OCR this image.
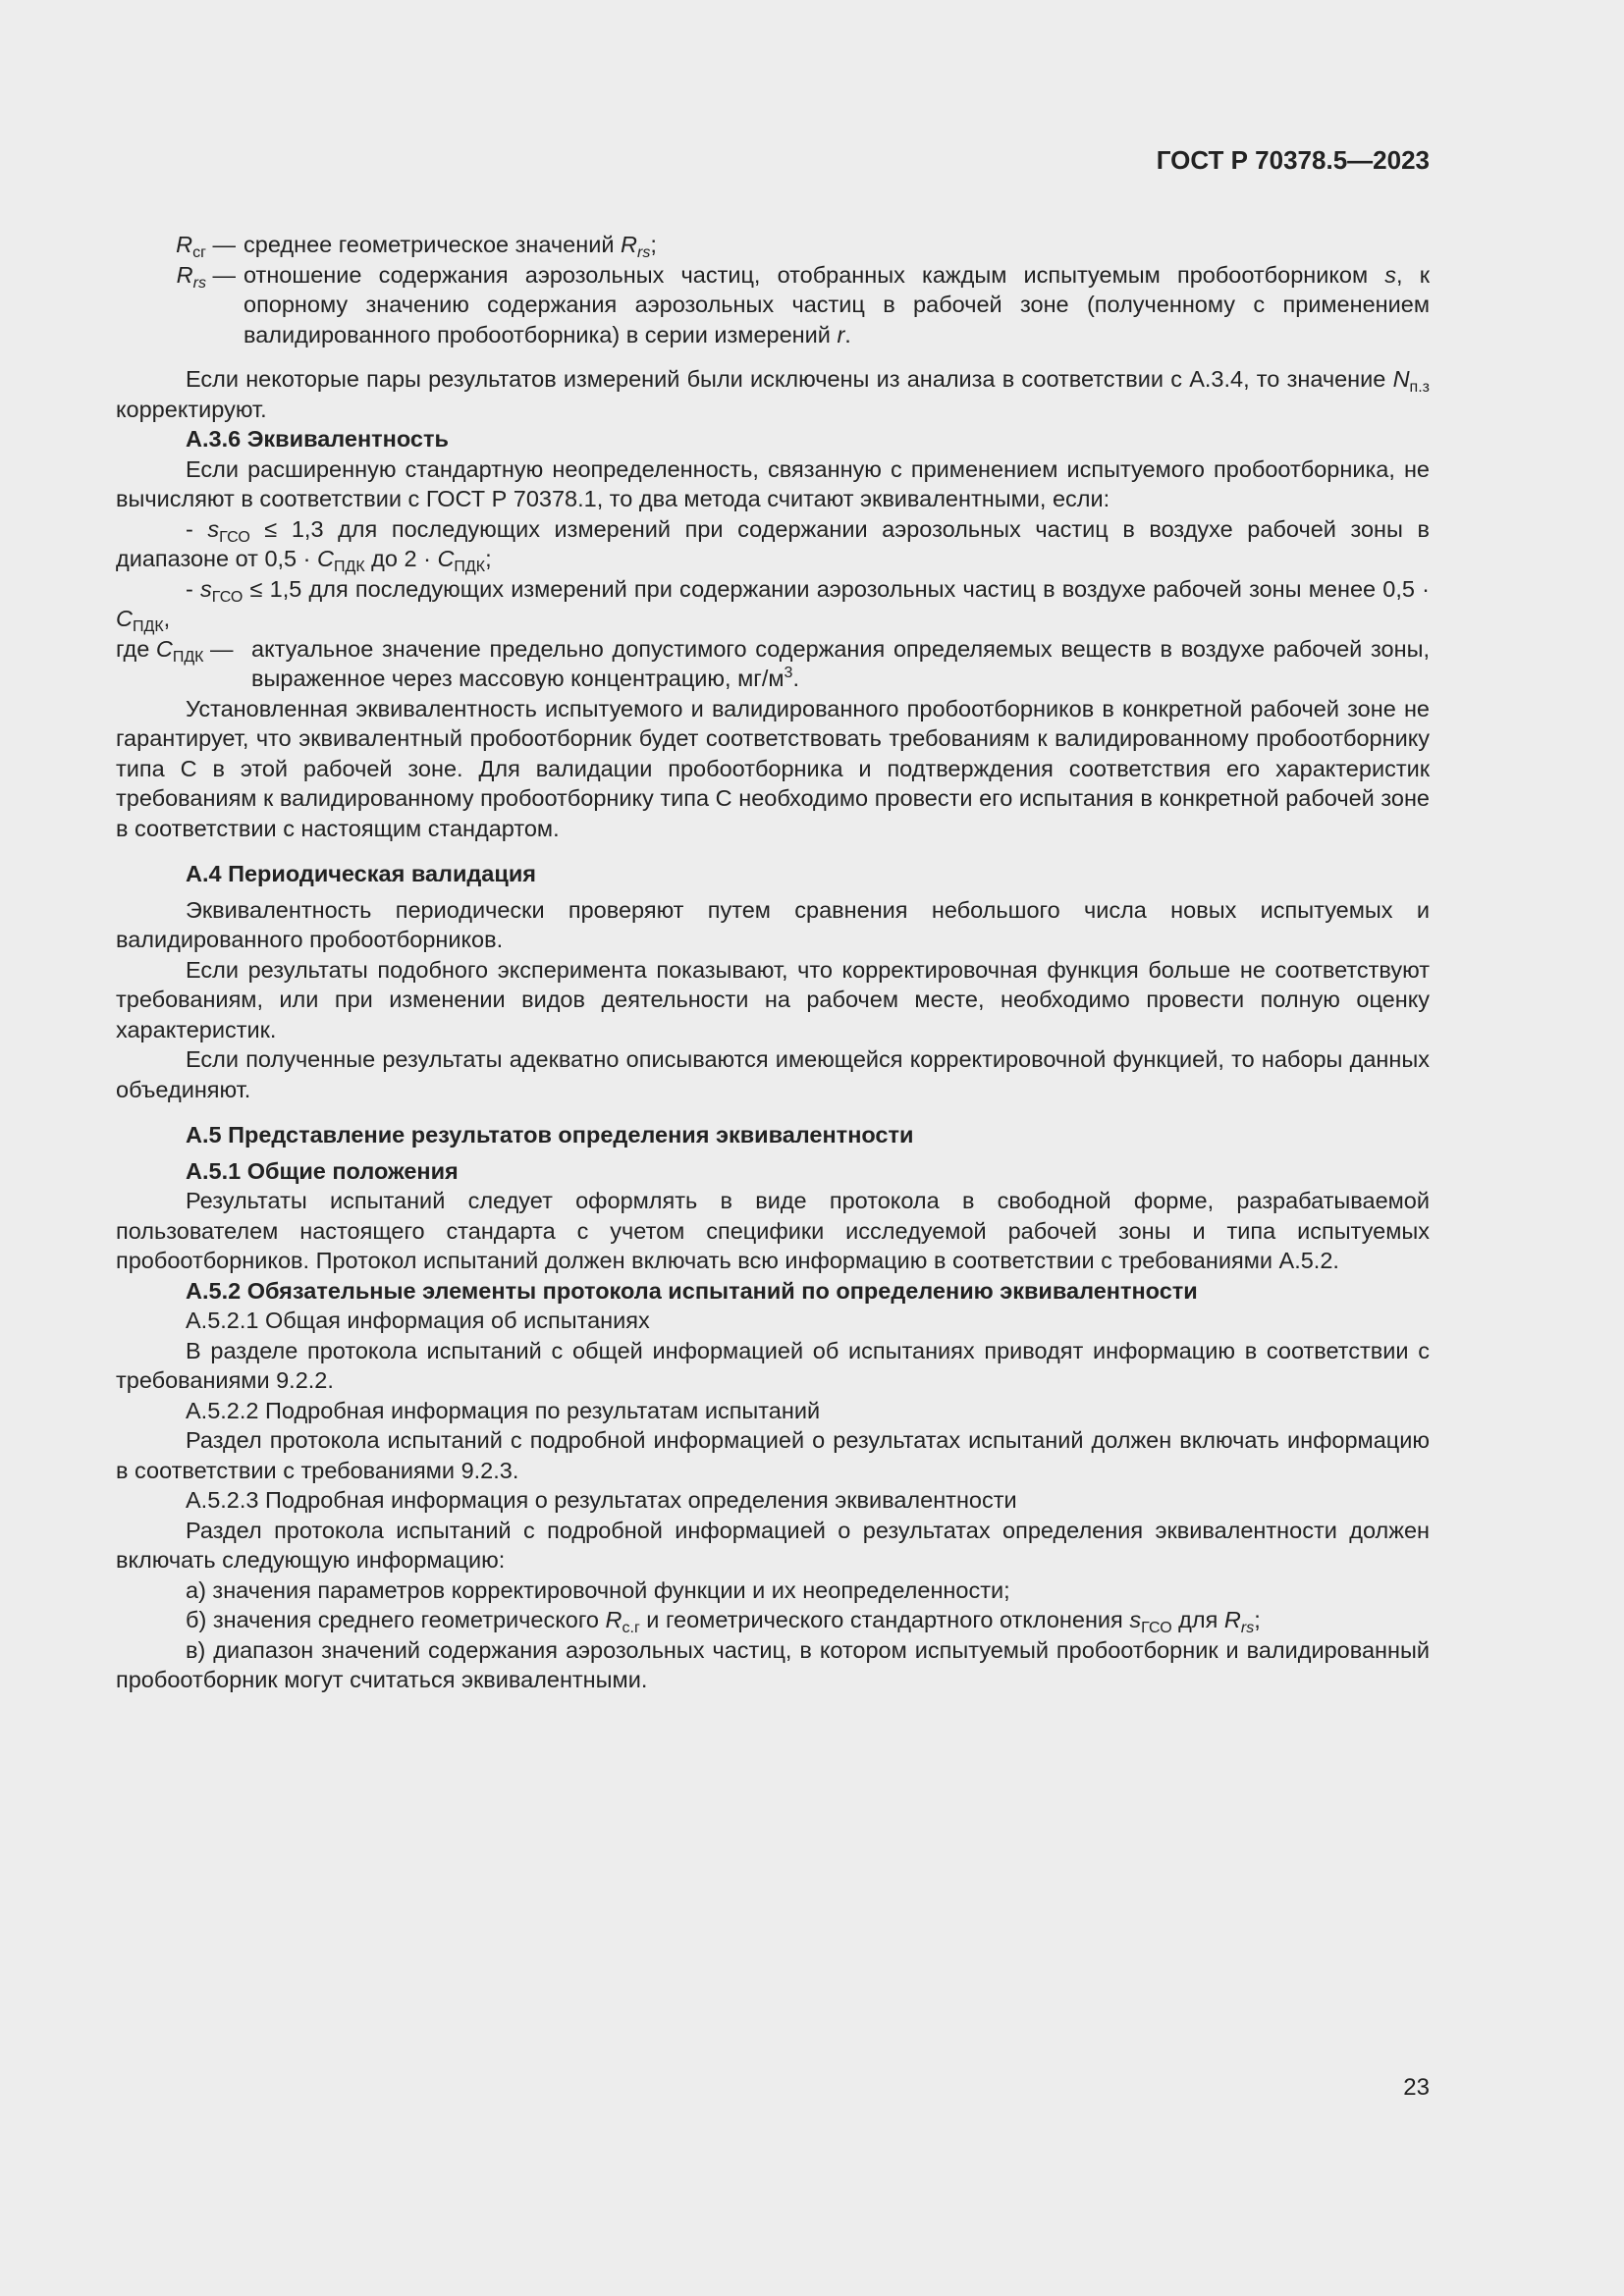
ГОСТ Р 70378.5—2023
$R_{сг}$ — среднее геометрическое значений $R_{rs}$;
$R_{rs}$ — отношение содержания аэрозольных частиц, отобранных каждым испытуемым пробоотборником s, к опорному значению содержания аэрозольных частиц в рабочей зоне (полученному с применением валидированного пробоотборника) в серии измерений r.

Если некоторые пары результатов измерений были исключены из анализа в соответствии с А.3.4, то значение $N_{п.з}$ корректируют.

А.3.6 Эквивалентность

Если расширенную стандартную неопределенность, связанную с применением испытуемого пробоотборника, не вычисляют в соответствии с ГОСТ Р 70378.1, то два метода считают эквивалентными, если:

- $s_{ГСО} \le 1,3$ для последующих измерений при содержании аэрозольных частиц в воздухе рабочей зоны в диапазоне от $0,5 \cdot C_{ПДК}$ до $2 \cdot C_{ПДК}$;

- $s_{ГСО} \le 1,5$ для последующих измерений при содержании аэрозольных частиц в воздухе рабочей зоны менее $0,5 \cdot C_{ПДК}$,

где $C_{ПДК}$ — актуальное значение предельно допустимого содержания определяемых веществ в воздухе рабочей зоны, выраженное через массовую концентрацию, $мг/м^3$.

Установленная эквивалентность испытуемого и валидированного пробоотборников в конкретной рабочей зоне не гарантирует, что эквивалентный пробоотборник будет соответствовать требованиям к валидированному пробоотборнику типа С в этой рабочей зоне. Для валидации пробоотборника и подтверждения соответствия его характеристик требованиям к валидированному пробоотборнику типа С необходимо провести его испытания в конкретной рабочей зоне в соответствии с настоящим стандартом.

А.4 Периодическая валидация

Эквивалентность периодически проверяют путем сравнения небольшого числа новых испытуемых и валидированного пробоотборников.

Если результаты подобного эксперимента показывают, что корректировочная функция больше не соответствуют требованиям, или при изменении видов деятельности на рабочем месте, необходимо провести полную оценку характеристик.

Если полученные результаты адекватно описываются имеющейся корректировочной функцией, то наборы данных объединяют.

А.5 Представление результатов определения эквивалентности

А.5.1 Общие положения

Результаты испытаний следует оформлять в виде протокола в свободной форме, разрабатываемой пользователем настоящего стандарта с учетом специфики исследуемой рабочей зоны и типа испытуемых пробоотборников. Протокол испытаний должен включать всю информацию в соответствии с требованиями А.5.2.

А.5.2 Обязательные элементы протокола испытаний по определению эквивалентности

А.5.2.1 Общая информация об испытаниях

В разделе протокола испытаний с общей информацией об испытаниях приводят информацию в соответствии с требованиями 9.2.2.

А.5.2.2 Подробная информация по результатам испытаний

Раздел протокола испытаний с подробной информацией о результатах испытаний должен включать информацию в соответствии с требованиями 9.2.3.

А.5.2.3 Подробная информация о результатах определения эквивалентности

Раздел протокола испытаний с подробной информацией о результатах определения эквивалентности должен включать следующую информацию:

а) значения параметров корректировочной функции и их неопределенности;

б) значения среднего геометрического $R_{с.г}$ и геометрического стандартного отклонения $s_{ГСО}$ для $R_{rs}$;

в) диапазон значений содержания аэрозольных частиц, в котором испытуемый пробоотборник и валидированный пробоотборник могут считаться эквивалентными.

23
